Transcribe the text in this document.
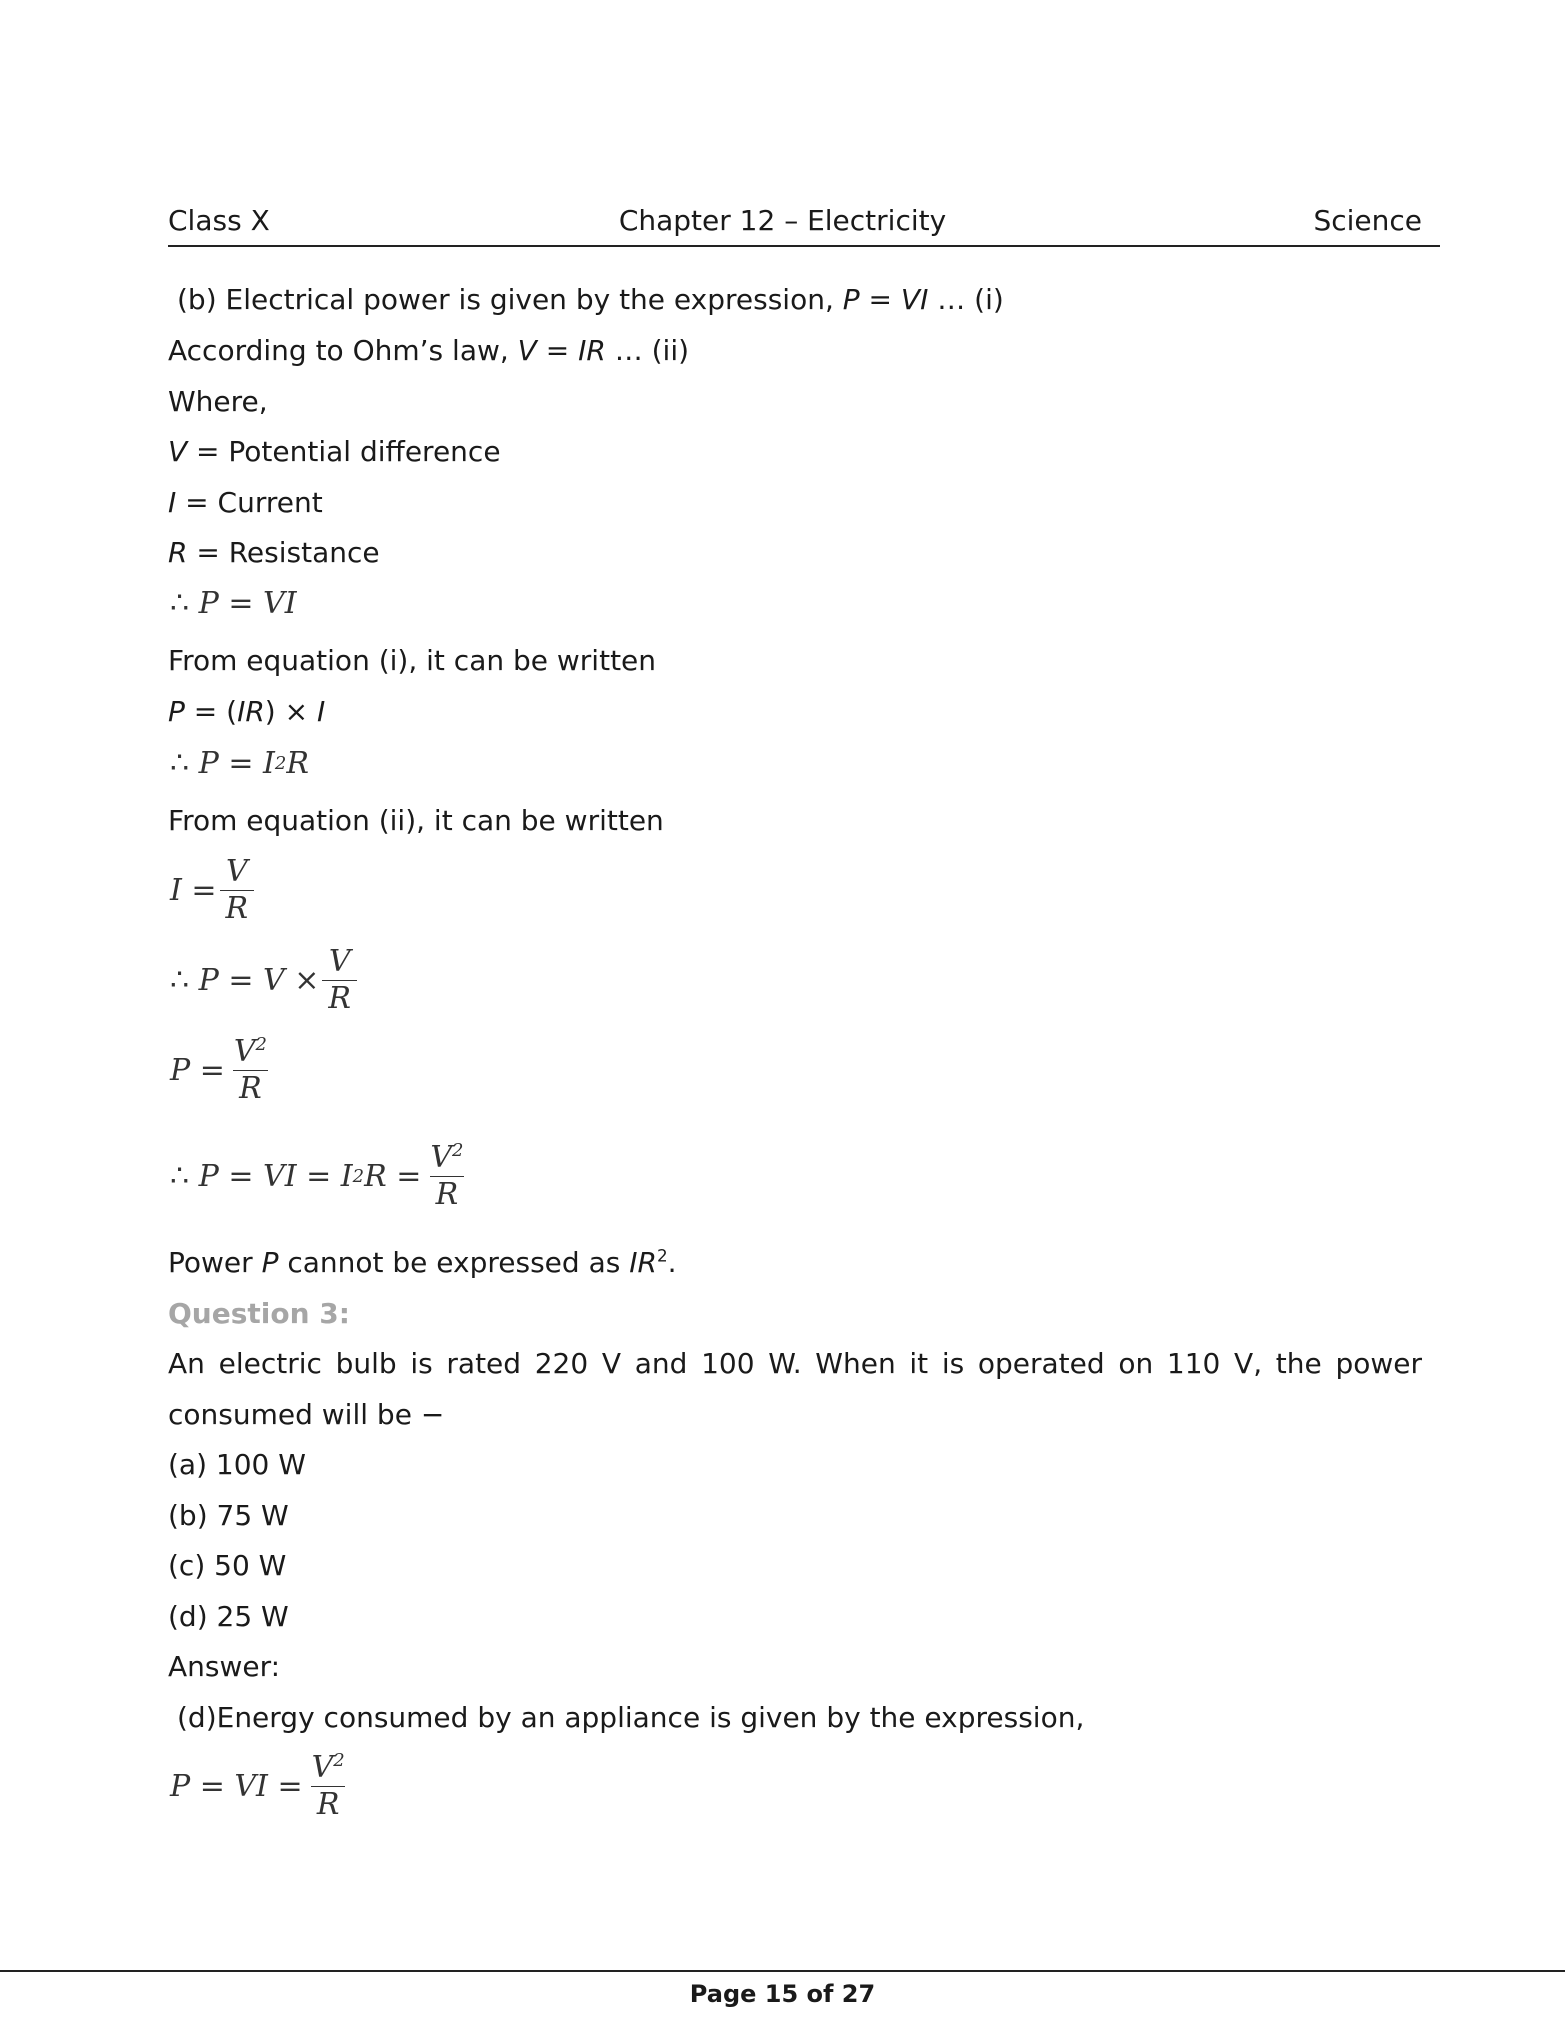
Class X	Chapter 12 – Electricity	Science
(b) Electrical power is given by the expression, P = VI … (i)
According to Ohm’s law, V = IR … (ii)
Where,
V = Potential difference
I = Current
R = Resistance
∴
P = VI
From equation (i), it can be written
P = (IR) × I
∴
P = I 2 R
From equation (ii), it can be written
$I = \frac{V}{R}$
∴
$P = V \times \frac{V}{R}$
$P = \frac{V^2}{R}$
∴
P = VI = I 2 $R = \frac{V^2}{R}$
Power P cannot be expressed as $IR^2$.
Question 3:
An electric bulb is rated 220 V and 100 W. When it is operated on 110 V, the power
consumed will be −
(a) 100 W
(b) 75 W
(c) 50 W
(d) 25 W
Answer:
(d)Energy consumed by an appliance is given by the expression,
P = VI = $\frac{V^2}{R}$
Page 15 of 27
